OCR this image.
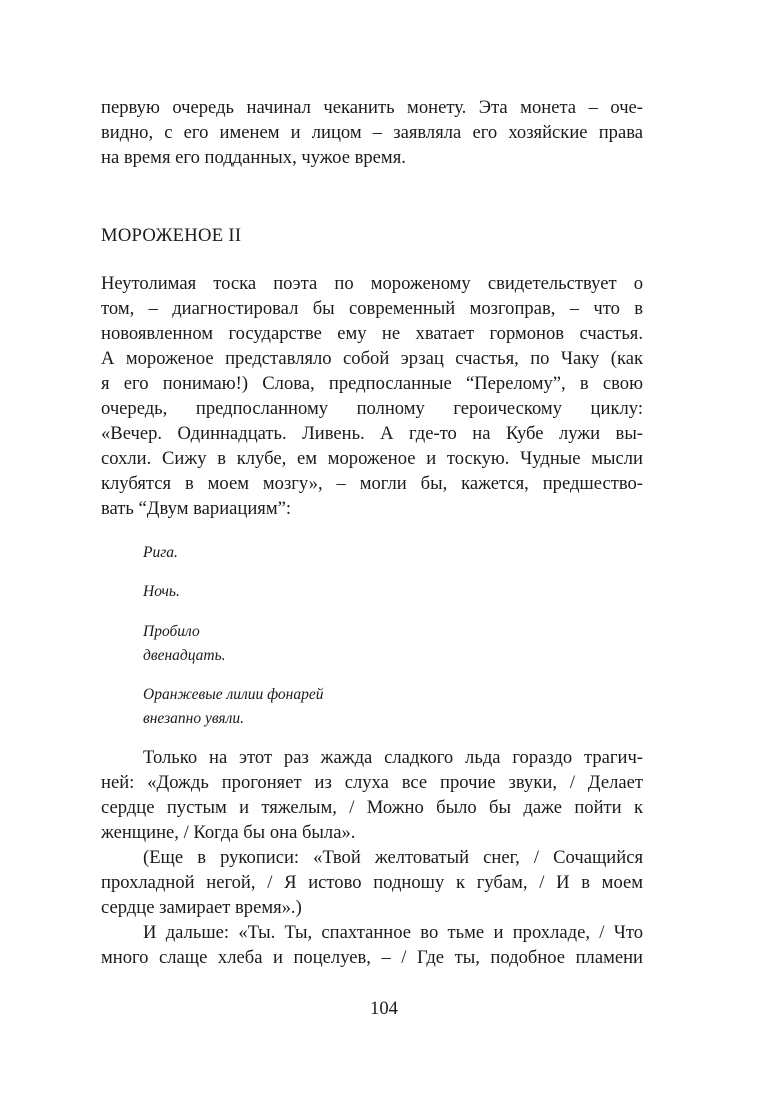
первую очередь начинал чеканить монету. Эта монета – оче-
видно, с его именем и лицом – заявляла его хозяйские права
на время его подданных, чужое время.
МОРОЖЕНОЕ II
Неутолимая тоска поэта по мороженому свидетельствует о
том, – диагностировал бы современный мозгоправ, – что в
новоявленном государстве ему не хватает гормонов счастья.
А мороженое представляло собой эрзац счастья, по Чаку (как
я его понимаю!) Слова, предпосланные “Перелому”, в свою
очередь, предпосланному полному героическому циклу:
«Вечер. Одиннадцать. Ливень. А где-то на Кубе лужи вы-
сохли. Сижу в клубе, ем мороженое и тоскую. Чудные мысли
клубятся в моем мозгу», – могли бы, кажется, предшество-
вать “Двум вариациям”:
Рига.
Ночь.
Пробило
двенадцать.
Оранжевые лилии фонарей
внезапно увяли.
Только на этот раз жажда сладкого льда гораздо трагич-
ней: «Дождь прогоняет из слуха все прочие звуки, / Делает
сердце пустым и тяжелым, / Можно было бы даже пойти к
женщине, / Когда бы она была».
(Еще в рукописи: «Твой желтоватый снег, / Сочащийся
прохладной негой, / Я истово подношу к губам, / И в моем
сердце замирает время».)
И дальше: «Ты. Ты, спахтанное во тьме и прохладе, / Что
много слаще хлеба и поцелуев, – / Где ты, подобное пламени
104
